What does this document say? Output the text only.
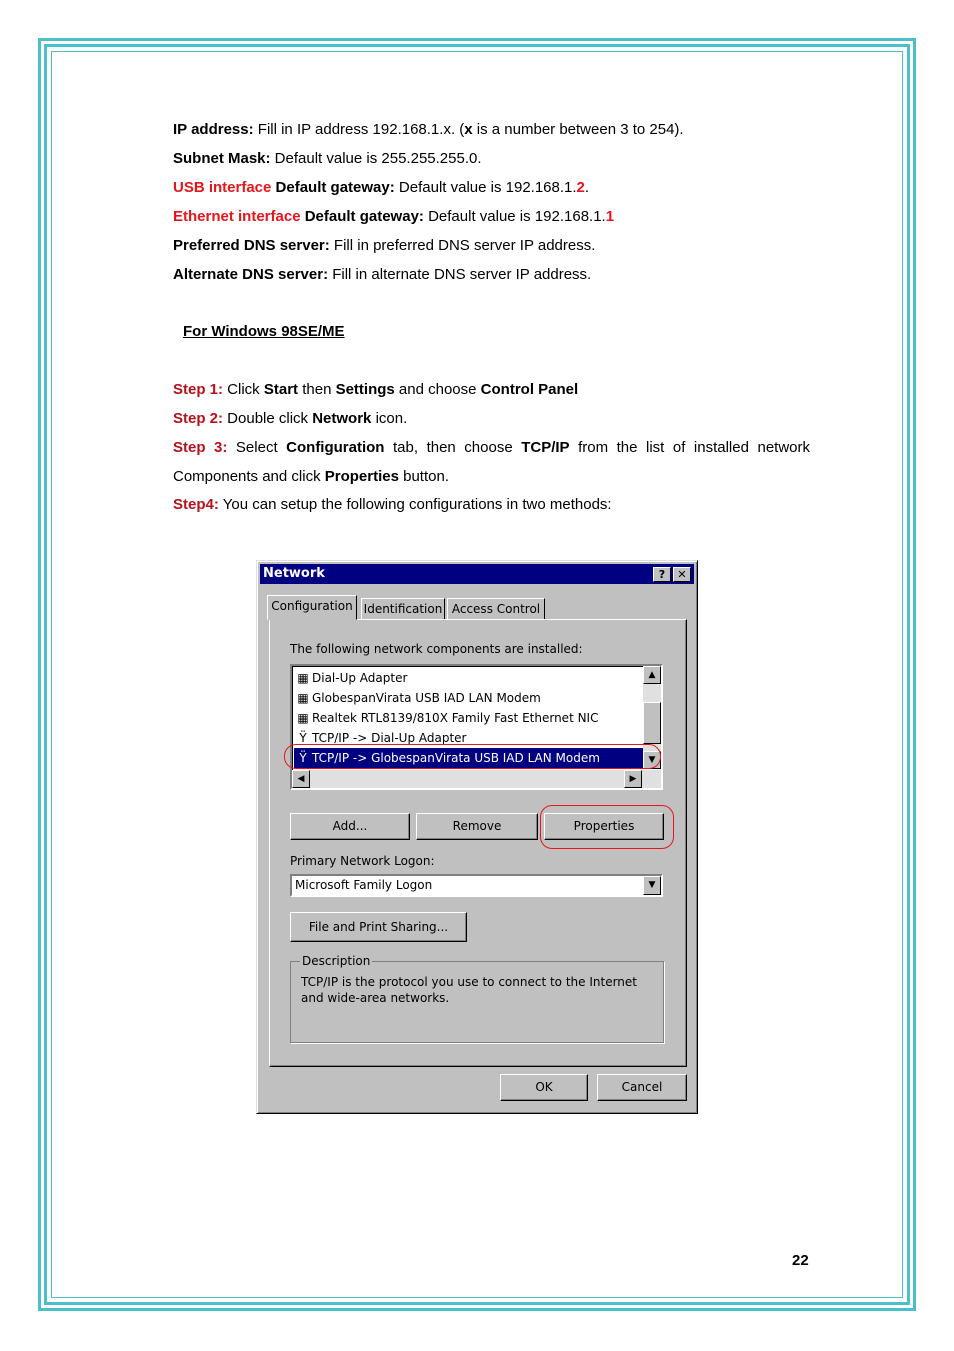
IP address: Fill in IP address 192.168.1.x. (x is a number between 3 to 254).
Subnet Mask: Default value is 255.255.255.0.
USB interface Default gateway: Default value is 192.168.1.2.
Ethernet interface Default gateway: Default value is 192.168.1.1
Preferred DNS server: Fill in preferred DNS server IP address.
Alternate DNS server: Fill in alternate DNS server IP address.
For Windows 98SE/ME
Step 1: Click Start then Settings and choose Control Panel
Step 2: Double click Network icon.
Step 3: Select Configuration tab, then choose TCP/IP from the list of installed network
Components and click Properties button.
Step4: You can setup the following configurations in two methods:
Network	?	✕
Configuration Identification Access Control
The following network components are installed:
▦ Dial-Up Adapter
▦ GlobespanVirata USB IAD LAN Modem
▦ Realtek RTL8139/810X Family Fast Ethernet NIC
Ÿ TCP/IP -> Dial-Up Adapter
Ÿ TCP/IP -> GlobespanVirata USB IAD LAN Modem
▲
▼
◀	▶
Add...	Remove	Properties
Primary Network Logon:
Microsoft Family Logon	▼
File and Print Sharing...
Description
TCP/IP is the protocol you use to connect to the Internet and wide-area networks.
OK	Cancel
22
